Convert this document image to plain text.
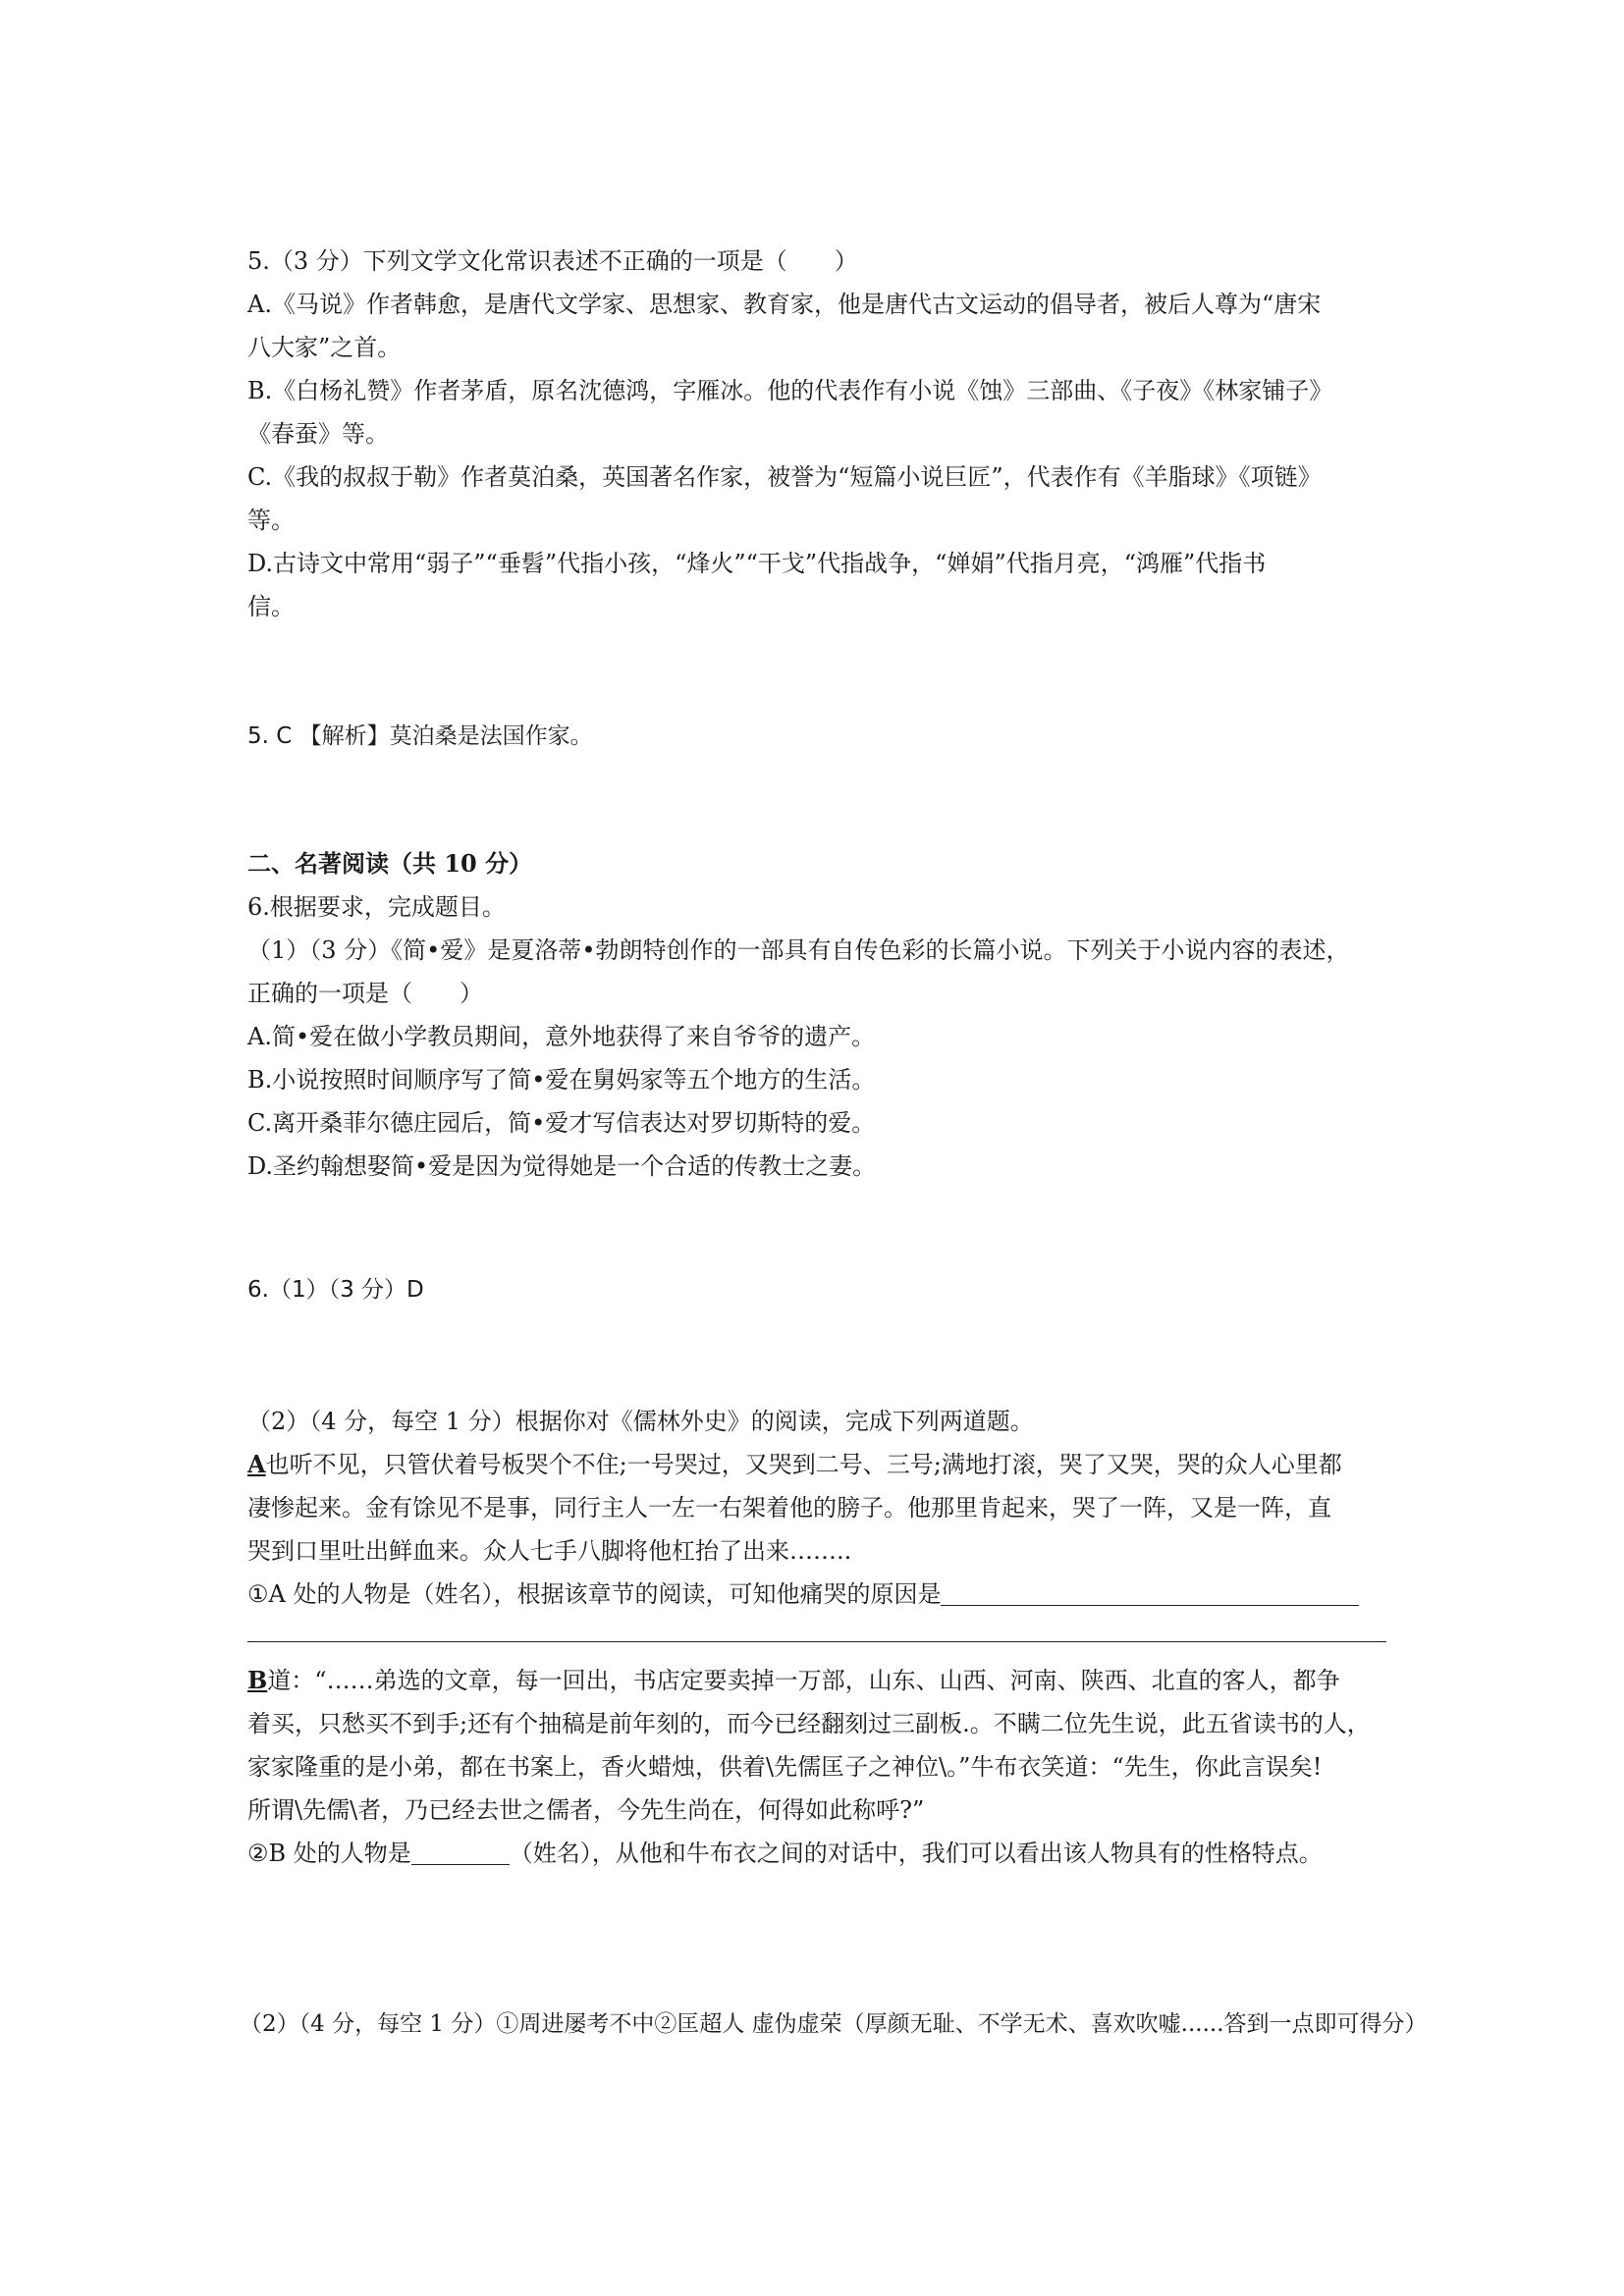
5.（3 分）下列文学文化常识表述不正确的一项是（　　）
A.《马说》作者韩愈，是唐代文学家、思想家、教育家，他是唐代古文运动的倡导者，被后人尊为“唐宋
八大家”之首。
B.《白杨礼赞》作者茅盾，原名沈德鸿，字雁冰。他的代表作有小说《蚀》三部曲、《子夜》《林家铺子》
《春蚕》等。
C.《我的叔叔于勒》作者莫泊桑，英国著名作家，被誉为“短篇小说巨匠”，代表作有《羊脂球》《项链》
等。
D.古诗文中常用“弱子”“垂髫”代指小孩，“烽火”“干戈”代指战争，“婵娟”代指月亮，“鸿雁”代指书
信。
5. C 【解析】莫泊桑是法国作家。
二、名著阅读（共 10 分）
6.根据要求，完成题目。
（1）（3 分）《简•爱》是夏洛蒂•勃朗特创作的一部具有自传色彩的长篇小说。下列关于小说内容的表述，
正确的一项是（　　）
A.简•爱在做小学教员期间，意外地获得了来自爷爷的遗产。
B.小说按照时间顺序写了简•爱在舅妈家等五个地方的生活。
C.离开桑菲尔德庄园后，简•爱才写信表达对罗切斯特的爱。
D.圣约翰想娶简•爱是因为觉得她是一个合适的传教士之妻。
6.（1）（3 分）D
（2）（4 分，每空 1 分）根据你对《儒林外史》的阅读，完成下列两道题。
A也听不见，只管伏着号板哭个不住;一号哭过，又哭到二号、三号;满地打滚，哭了又哭，哭的众人心里都
凄惨起来。金有馀见不是事，同行主人一左一右架着他的膀子。他那里肯起来，哭了一阵，又是一阵，直
哭到口里吐出鲜血来。众人七手八脚将他杠抬了出来……..
①A 处的人物是（姓名），根据该章节的阅读，可知他痛哭的原因是
B道：“……弟选的文章，每一回出，书店定要卖掉一万部，山东、山西、河南、陕西、北直的客人，都争
着买，只愁买不到手;还有个抽稿是前年刻的，而今已经翻刻过三副板.。不瞒二位先生说，此五省读书的人，
家家隆重的是小弟，都在书案上，香火蜡烛，供着\先儒匡子之神位\。”牛布衣笑道：“先生，你此言误矣!
所谓\先儒\者，乃已经去世之儒者，今先生尚在，何得如此称呼?”
②B 处的人物是	（姓名），从他和牛布衣之间的对话中，我们可以看出该人物具有的性格特点。
（2）（4 分，每空 1 分）①周进屡考不中②匡超人 虚伪虚荣（厚颜无耻、不学无术、喜欢吹嘘......答到一点即可得分）
